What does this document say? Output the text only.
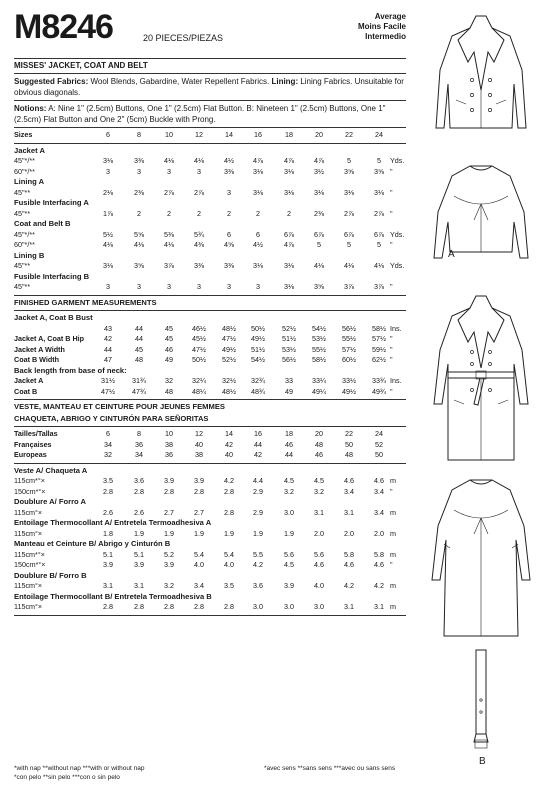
M8246	20 PIECES/PIEZAS
Average
Moins Facile
Intermedio
MISSES' JACKET, COAT AND BELT

Suggested Fabrics: Wool Blends, Gabardine, Water Repellent Fabrics. Lining: Lining Fabrics. Unsuitable for obvious diagonals.

Notions: A: Nine 1" (2.5cm) Buttons, One 1" (2.5cm) Flat Button. B: Nineteen 1" (2.5cm) Buttons, One 1" (2.5cm) Flat Button and One 2" (5cm) Buckle with Prong.

Sizes	6	8	10	12	14	16	18	20	22	24
Jacket A
45"*/**	3⅛	3⅜	4⅛	4⅛	4½	4⅞	4⅞	4⅞	5	5	Yds.
60"*/**	3	3	3	3	3⅜	3⅛	3⅛	3½	3⅝	3⅝ "
Lining A
45"**	2⅛	2⅜	2⅞	2⅞	3	3⅛	3⅛	3⅛	3⅛	3⅛ "
Fusible Interfacing A
45"**	1⅞	2	2	2	2	2	2	2⅜	2⅞	2⅞ "
Coat and Belt B
45"*/**	5½	5⅝	5⅜	5¾	6	6	6⅞	6⅞	6⅞	6⅞ Yds.
60"*/**	4⅛	4⅛	4⅛	4⅜	4⅝	4½	4⅞	5	5	5	"
Lining B
45"**	3⅛	3⅝	3⅞	3⅜	3⅜	3⅛	3⅛	4⅛	4⅛	4⅛ Yds.
Fusible Interfacing B
45"**	3	3	3	3	3	3	3⅛	3⅝	3⅞	3⅞ "
FINISHED GARMENT MEASUREMENTS
Jacket A, Coat B Bust
43	44	45	46½	48½	50½	52½	54½	56½	58½ Ins.
Jacket A, Coat B Hip	42	44	45	45½	47½	49½	51½	53½	55½	57½ "
Jacket A Width	44	45	46	47½	49½	51½	53½	55½	57½	59½ "
Coat B Width	47	48	49	50½	52½	54½	56½	58½	60½	62½ "
Back length from base of neck:
Jacket A	31½	31¾	32	32¼	32½	32¾	33	33¼	33½	33¾ Ins.
Coat B	47½	47¾	48	48¼	48½	48¾	49	49¼	49½	49¾ "
VESTE, MANTEAU ET CEINTURE POUR JEUNES FEMMES
CHAQUETA, ABRIGO Y CINTURÓN PARA SEÑORITAS
Tailles/Tallas	6	8	10	12	14	16	18	20	22	24
Françaises	34	36	38	40	42	44	46	48	50	52
Europeas	32	34	36	38	40	42	44	46	48	50
Veste A/ Chaqueta A
115cm*°×	3.5	3.6	3.9	3.9	4.2	4.4	4.5	4.5	4.6	4.6 m
150cm*°×	2.8	2.8	2.8	2.8	2.8	2.9	3.2	3.2	3.4	3.4 "
Doublure A/ Forro A
115cm°×	2.6	2.6	2.7	2.7	2.8	2.9	3.0	3.1	3.1	3.4 m
Entoilage Thermocollant A/ Entretela Termoadhesiva A
115cm°×	1.8	1.9	1.9	1.9	1.9	1.9	1.9	2.0	2.0	2.0 m
Manteau et Ceinture B/ Abrigo y Cinturón B
115cm*°×	5.1	5.1	5.2	5.4	5.4	5.5	5.6	5.6	5.8	5.8 m
150cm*°×	3.9	3.9	3.9	4.0	4.0	4.2	4.5	4.6	4.6	4.6 "
Doublure B/ Forro B
115cm°×	3.1	3.1	3.2	3.4	3.5	3.6	3.9	4.0	4.2	4.2 m
Entoilage Thermocollant B/ Entretela Termoadhesiva B
115cm°×	2.8	2.8	2.8	2.8	2.8	3.0	3.0	3.0	3.1	3.1 m
*with nap **without nap ***with or without nap
*con pelo **sin pelo ***con o sin pelo
*avec sens **sans sens ***avec ou sans sens
A
B
